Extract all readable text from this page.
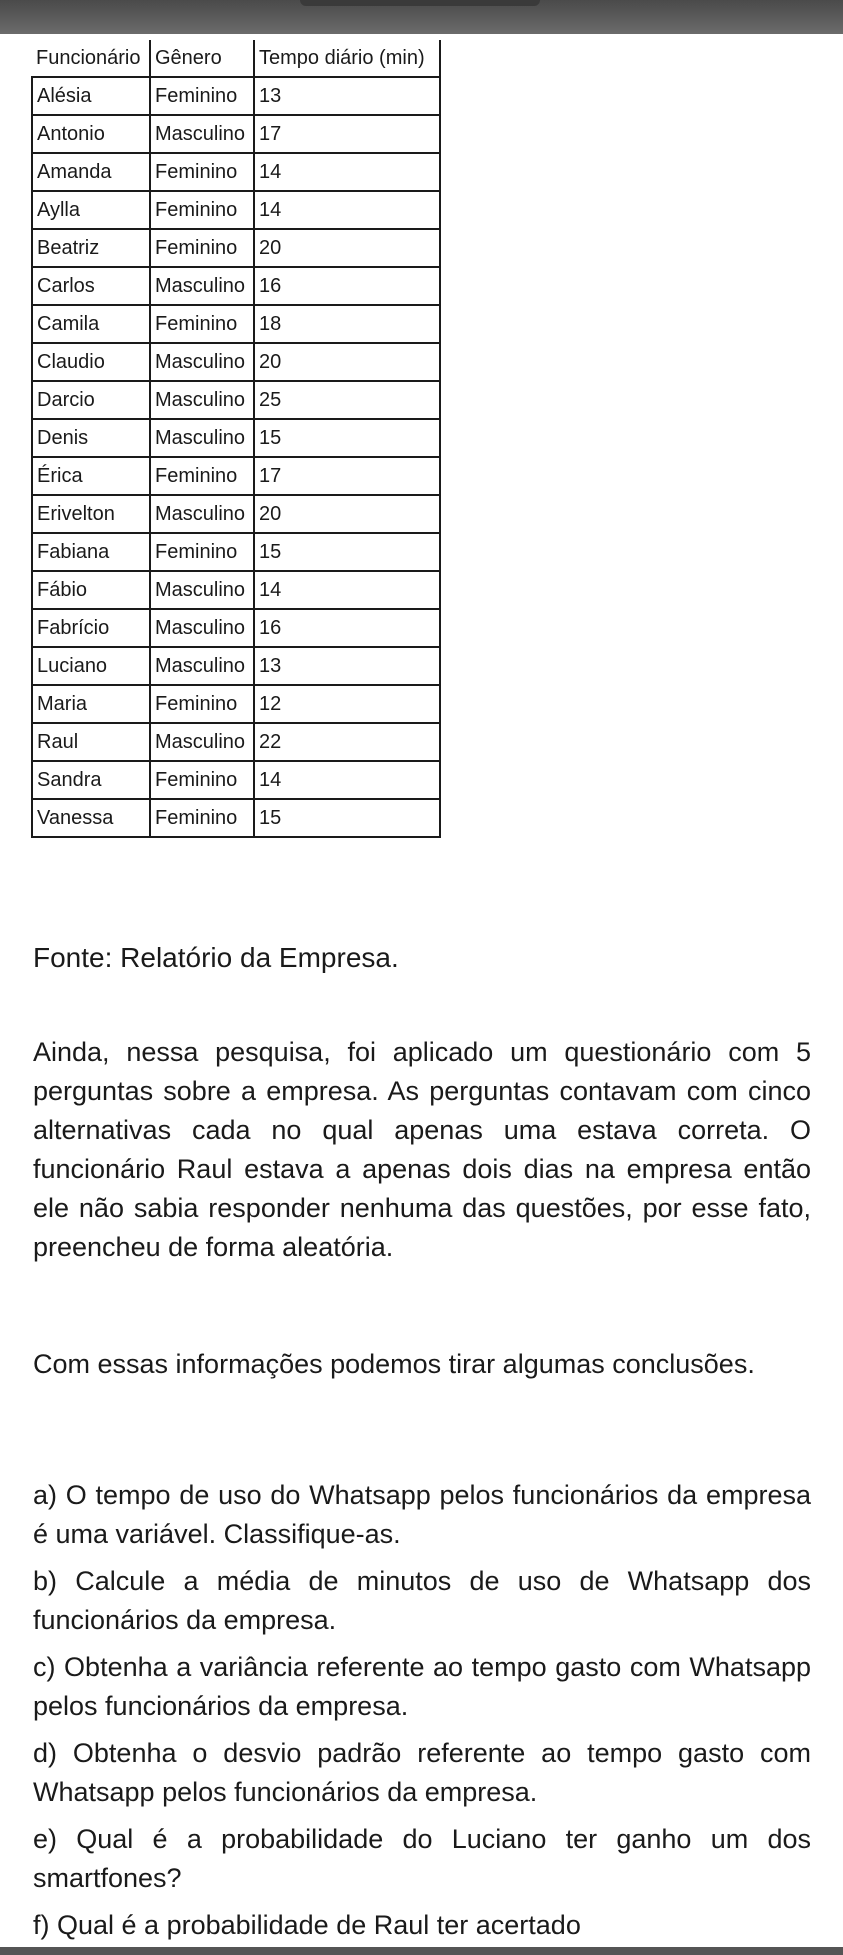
Funcionário	Gênero	Tempo diário (min)
Alésia	Feminino	13
Antonio	Masculino	17
Amanda	Feminino	14
Aylla	Feminino	14
Beatriz	Feminino	20
Carlos	Masculino	16
Camila	Feminino	18
Claudio	Masculino	20
Darcio	Masculino	25
Denis	Masculino	15
Érica	Feminino	17
Erivelton	Masculino	20
Fabiana	Feminino	15
Fábio	Masculino	14
Fabrício	Masculino	16
Luciano	Masculino	13
Maria	Feminino	12
Raul	Masculino	22
Sandra	Feminino	14
Vanessa	Feminino	15
Fonte: Relatório da Empresa.
Ainda, nessa pesquisa, foi aplicado um questionário com 5 perguntas sobre a empresa. As perguntas contavam com cinco alternativas cada no qual apenas uma estava correta. O funcionário Raul estava a apenas dois dias na empresa então ele não sabia responder nenhuma das questões, por esse fato, preencheu de forma aleatória.
Com essas informações podemos tirar algumas conclusões.

a) O tempo de uso do Whatsapp pelos funcionários da empresa é uma variável. Classifique-as.

b) Calcule a média de minutos de uso de Whatsapp dos funcionários da empresa.

c) Obtenha a variância referente ao tempo gasto com Whatsapp pelos funcionários da empresa.

d) Obtenha o desvio padrão referente ao tempo gasto com Whatsapp pelos funcionários da empresa.

e) Qual é a probabilidade do Luciano ter ganho um dos smartfones?

f) Qual é a probabilidade de Raul ter acertado
